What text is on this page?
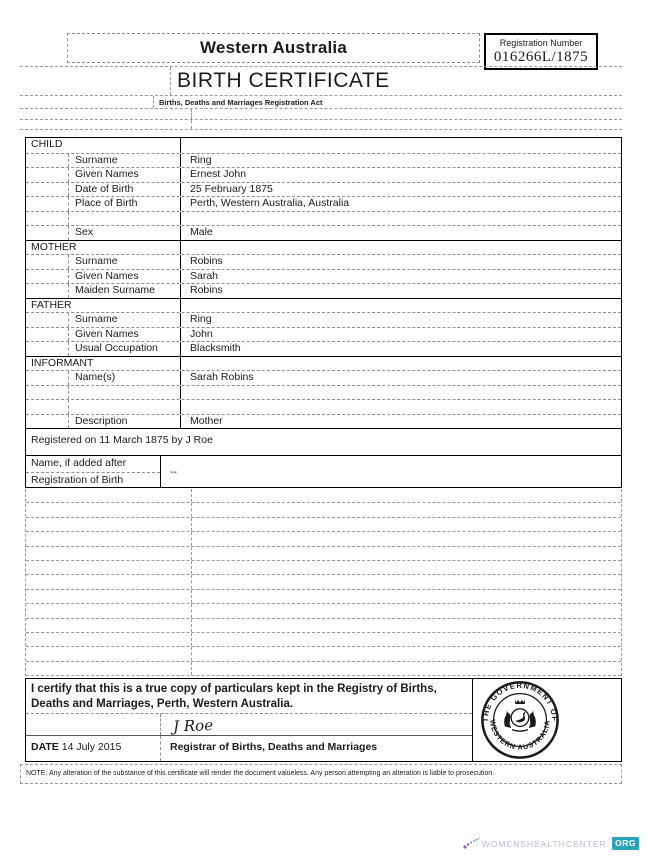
Western Australia	Registration Number
016266L/1875
BIRTH CERTIFICATE
Births, Deaths and Marriages Registration Act
CHILD
Surname	Ring
Given Names	Ernest John
Date of Birth	25 February 1875
Place of Birth	Perth, Western Australia, Australia
Sex	Male
MOTHER
Surname	Robins
Given Names	Sarah
Maiden Surname	Robins
FATHER
Surname	Ring
Given Names	John
Usual Occupation	Blacksmith
INFORMANT
Name(s)	Sarah Robins
Description	Mother
Registered on 11 March 1875 by J Roe
Name, if added after
Registration of Birth
--
I certify that this is a true copy of particulars kept in the Registry of Births,
Deaths and Marriages, Perth, Western Australia.
J Roe
DATE 14 July 2015	Registrar of Births, Deaths and Marriages
THE GOVERNMENT OF
WESTERN AUSTRALIA
NOTE: Any alteration of the substance of this certificate will render the document valueless. Any person attempting an alteration is liable to prosecution.
WOMENSHEALTHCENTER. ORG
